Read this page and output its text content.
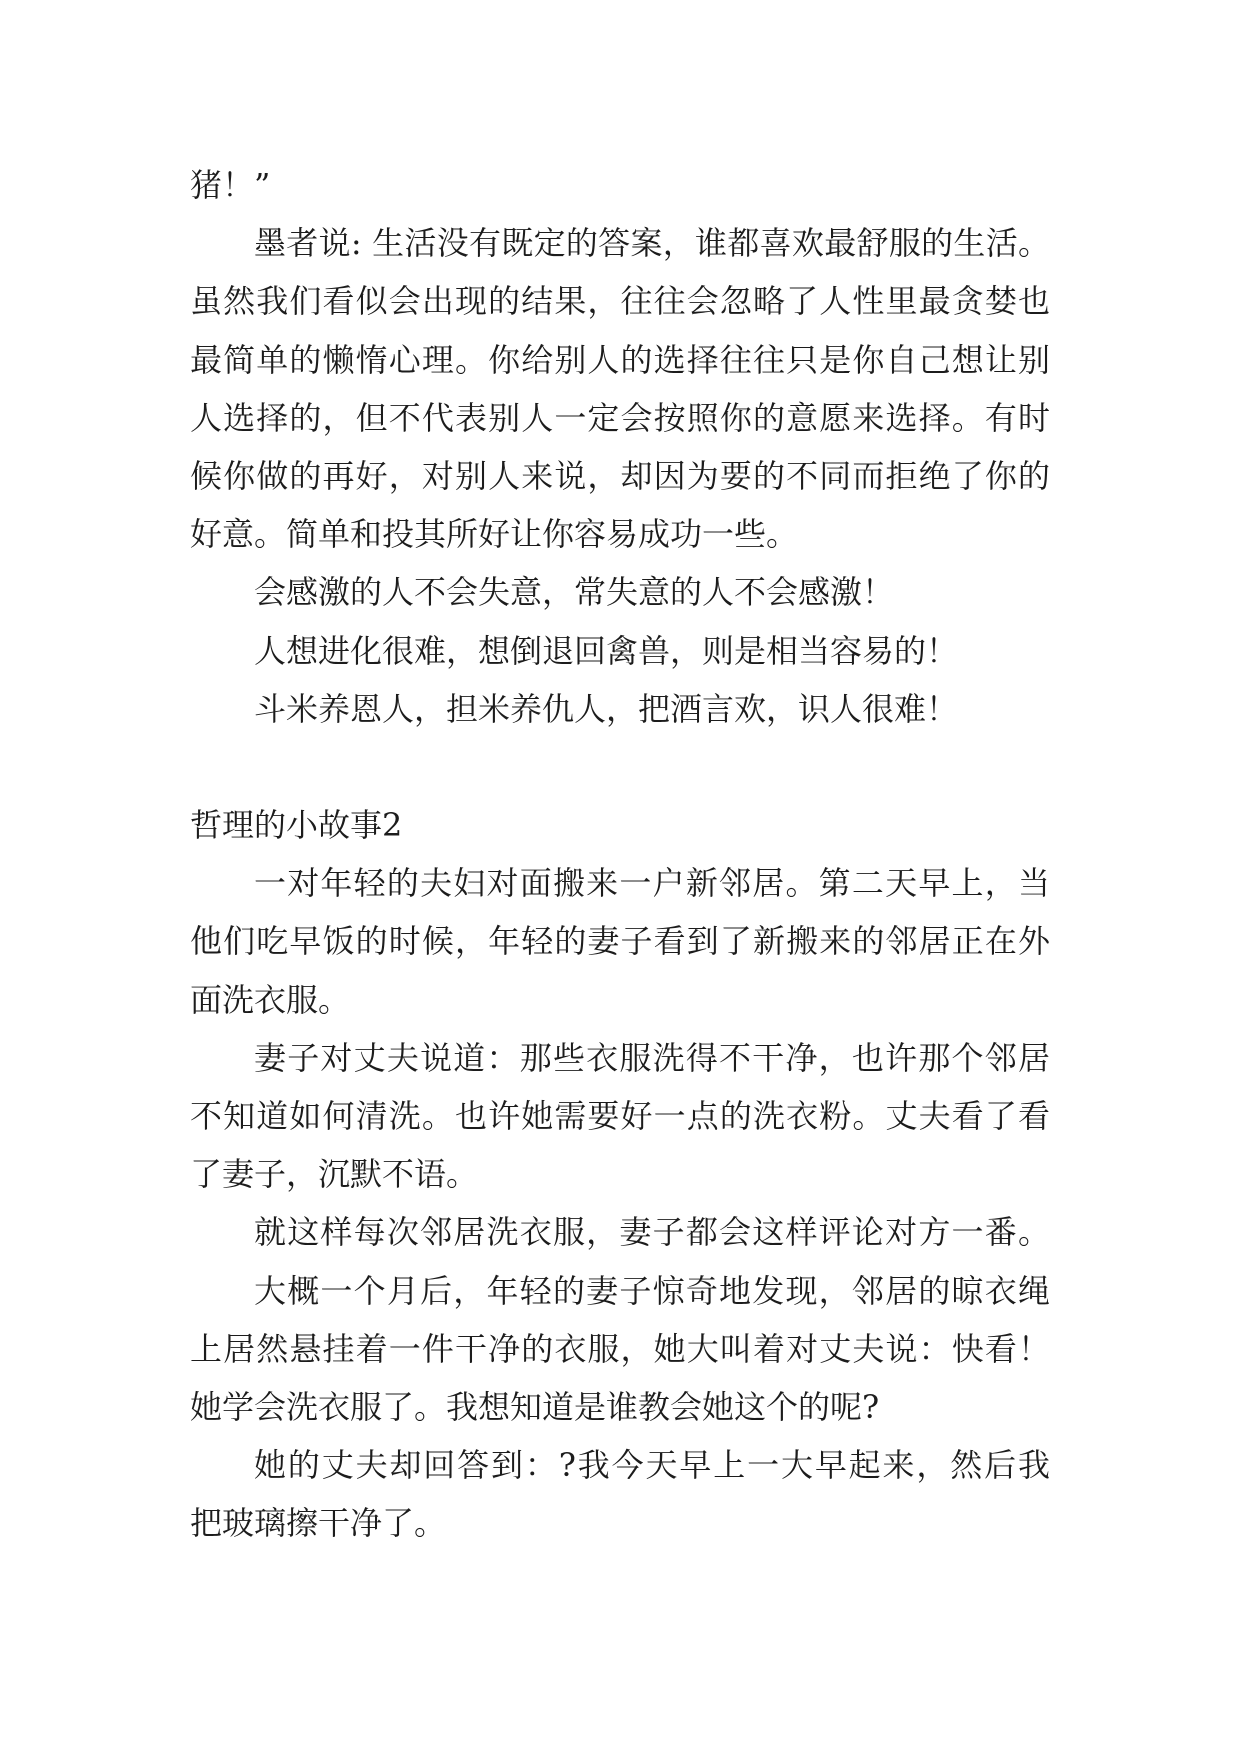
猪！”
墨者说: 生活没有既定的答案，谁都喜欢最舒服的生活。
虽然我们看似会出现的结果，往往会忽略了人性里最贪婪也
最简单的懒惰心理。你给别人的选择往往只是你自己想让别
人选择的，但不代表别人一定会按照你的意愿来选择。有时
候你做的再好，对别人来说，却因为要的不同而拒绝了你的
好意。简单和投其所好让你容易成功一些。
会感激的人不会失意，常失意的人不会感激！
人想进化很难，想倒退回禽兽，则是相当容易的！
斗米养恩人，担米养仇人，把酒言欢，识人很难！
哲理的小故事2
一对年轻的夫妇对面搬来一户新邻居。第二天早上，当
他们吃早饭的时候，年轻的妻子看到了新搬来的邻居正在外
面洗衣服。
妻子对丈夫说道：那些衣服洗得不干净，也许那个邻居
不知道如何清洗。也许她需要好一点的洗衣粉。丈夫看了看
了妻子，沉默不语。
就这样每次邻居洗衣服，妻子都会这样评论对方一番。
大概一个月后，年轻的妻子惊奇地发现，邻居的晾衣绳
上居然悬挂着一件干净的衣服，她大叫着对丈夫说：快看！
她学会洗衣服了。我想知道是谁教会她这个的呢?
她的丈夫却回答到：?我今天早上一大早起来，然后我
把玻璃擦干净了。
